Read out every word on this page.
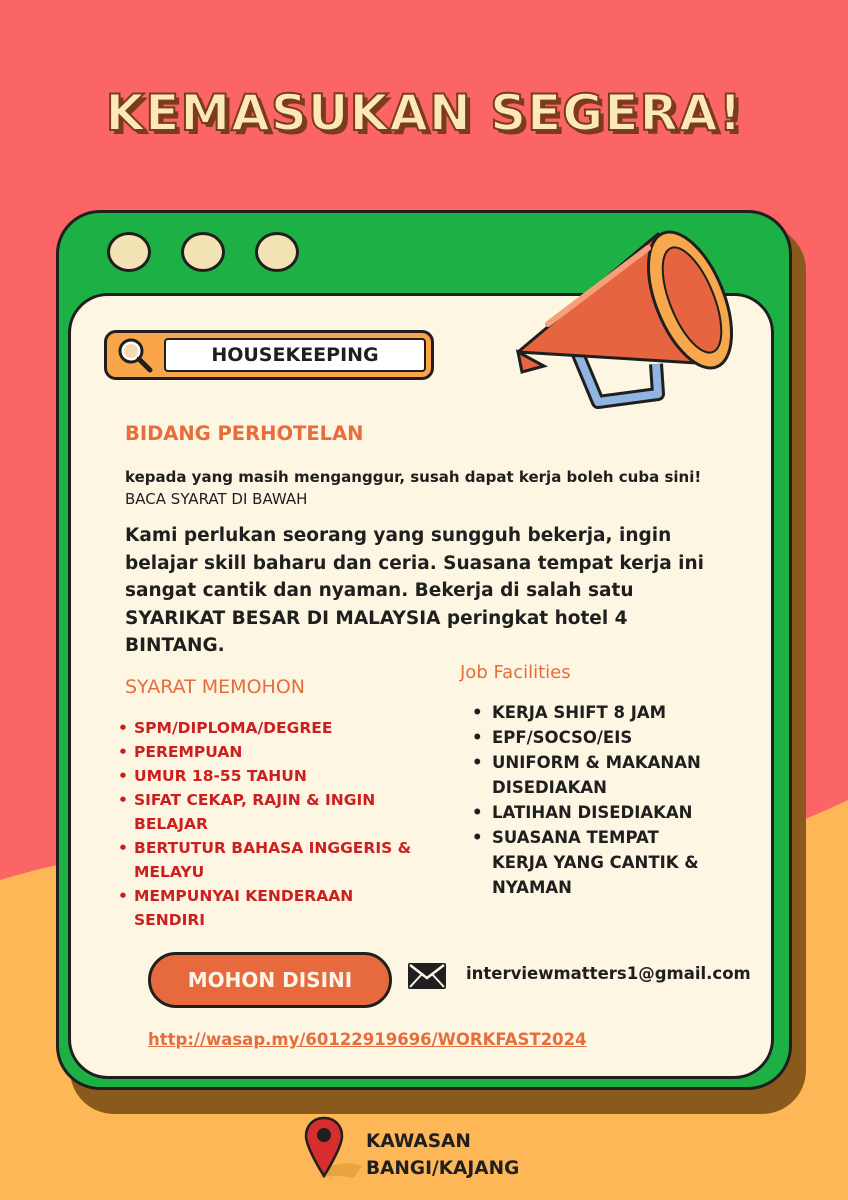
KEMASUKAN SEGERA!
HOUSEKEEPING
BIDANG PERHOTELAN
kepada yang masih menganggur, susah dapat kerja boleh cuba sini!
BACA SYARAT DI BAWAH
Kami perlukan seorang yang sungguh bekerja, ingin
belajar skill baharu dan ceria. Suasana tempat kerja ini
sangat cantik dan nyaman. Bekerja di salah satu
SYARIKAT BESAR DI MALAYSIA peringkat hotel 4
BINTANG.
SYARAT MEMOHON
• SPM/DIPLOMA/DEGREE
• PEREMPUAN
• UMUR 18-55 TAHUN
• SIFAT CEKAP, RAJIN & INGIN
BELAJAR
• BERTUTUR BAHASA INGGERIS &
MELAYU
• MEMPUNYAI KENDERAAN
SENDIRI
Job Facilities
• KERJA SHIFT 8 JAM
• EPF/SOCSO/EIS
• UNIFORM & MAKANAN
DISEDIAKAN
• LATIHAN DISEDIAKAN
• SUASANA TEMPAT
KERJA YANG CANTIK &
NYAMAN
MOHON DISINI	interviewmatters1@gmail.com
http://wasap.my/60122919696/WORKFAST2024
KAWASAN
BANGI/KAJANG
